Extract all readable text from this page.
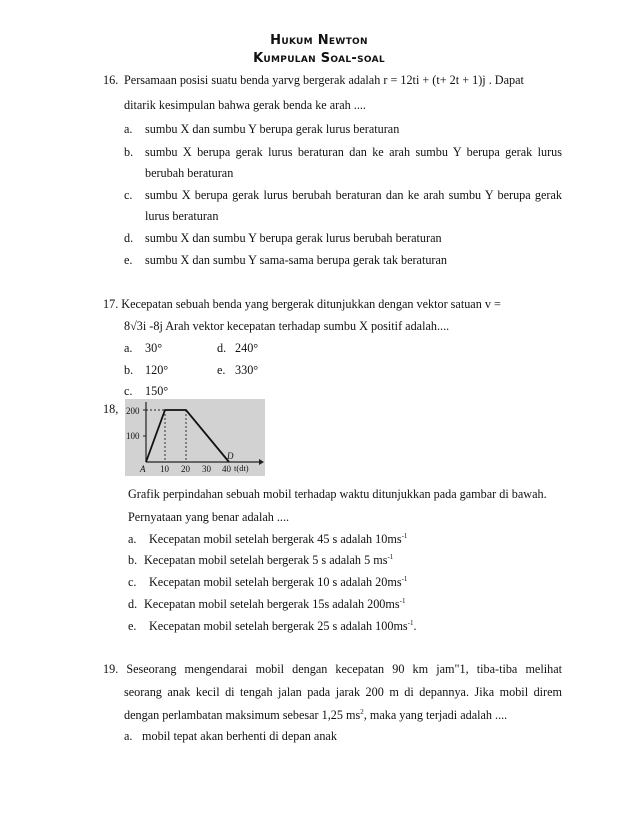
Hukum Newton
Kumpulan Soal-soal
16. Persamaan posisi suatu benda yarvg bergerak adalah r = 12ti + (t+ 2t + 1)j . Dapat
ditarik kesimpulan bahwa gerak benda ke arah ....
a. sumbu X dan sumbu Y berupa gerak lurus beraturan
b. sumbu X berupa gerak lurus beraturan dan ke arah sumbu Y berupa gerak lurus
berubah beraturan
c. sumbu X berupa gerak lurus berubah beraturan dan ke arah sumbu Y berupa gerak
lurus beraturan
d. sumbu X dan sumbu Y berupa gerak lurus berubah beraturan
e. sumbu X dan sumbu Y sama-sama berupa gerak tak beraturan
17. Kecepatan sebuah benda yang bergerak ditunjukkan dengan vektor satuan v =
8√3i -8j Arah vektor kecepatan terhadap sumbu X positif adalah....
a. 30°	d. 240°
b. 120°	e. 330°
c. 150°
18, 200
100
A 10 20 30 40
D
t(dt)
Grafik perpindahan sebuah mobil terhadap waktu ditunjukkan pada gambar di bawah.
Pernyataan yang benar adalah ....
a. Kecepatan mobil setelah bergerak 45 s adalah $10ms^{-1}$
b. Kecepatan mobil setelah bergerak 5 s adalah 5 $ms^{-1}$
c. Kecepatan mobil setelah bergerak 10 s adalah $20ms^{-1}$
d. Kecepatan mobil setelah bergerak 15s adalah $200ms^{-1}$
e. Kecepatan mobil setelah bergerak 25 s adalah $100ms^{-1}$.
19. Seseorang mengendarai mobil dengan kecepatan 90 km jam"1, tiba-tiba melihat
seorang anak kecil di tengah jalan pada jarak 200 m di depannya. Jika mobil direm
dengan perlambatan maksimum sebesar 1,25 $ms^2$, maka yang terjadi adalah ....
a. mobil tepat akan berhenti di depan anak
